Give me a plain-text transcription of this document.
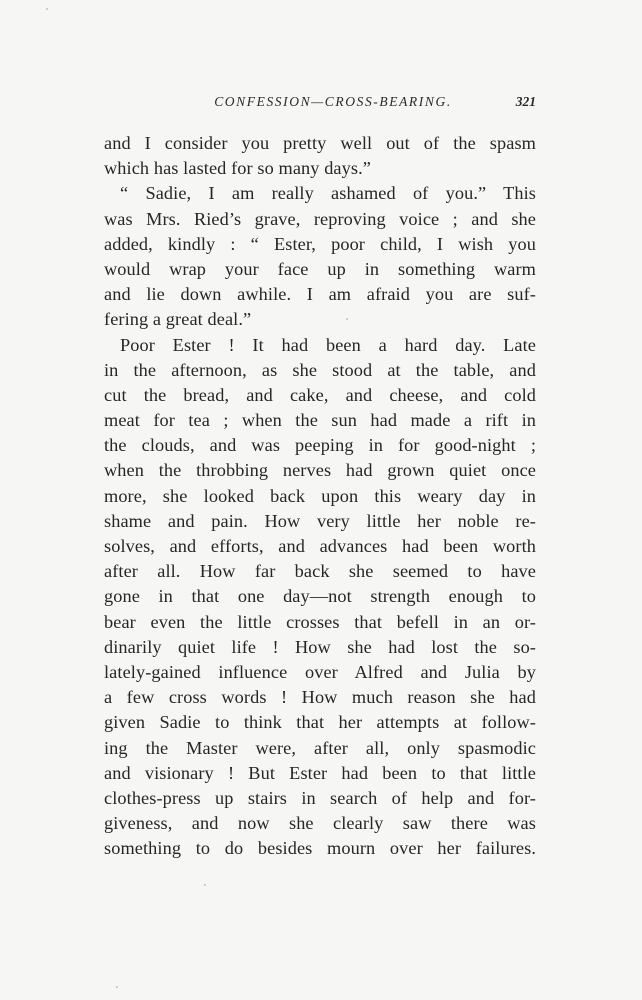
CONFESSION—CROSS-BEARING.	321
and I consider you pretty well out of the spasm
which has lasted for so many days.”
“ Sadie, I am really ashamed of you.” This
was Mrs. Ried’s grave, reproving voice ; and she
added, kindly : “ Ester, poor child, I wish you
would wrap your face up in something warm
and lie down awhile. I am afraid you are suf-
fering a great deal.”
Poor Ester ! It had been a hard day. Late
in the afternoon, as she stood at the table, and
cut the bread, and cake, and cheese, and cold
meat for tea ; when the sun had made a rift in
the clouds, and was peeping in for good-night ;
when the throbbing nerves had grown quiet once
more, she looked back upon this weary day in
shame and pain. How very little her noble re-
solves, and efforts, and advances had been worth
after all. How far back she seemed to have
gone in that one day—not strength enough to
bear even the little crosses that befell in an or-
dinarily quiet life ! How she had lost the so-
lately-gained influence over Alfred and Julia by
a few cross words ! How much reason she had
given Sadie to think that her attempts at follow-
ing the Master were, after all, only spasmodic
and visionary ! But Ester had been to that little
clothes-press up stairs in search of help and for-
giveness, and now she clearly saw there was
something to do besides mourn over her failures.
